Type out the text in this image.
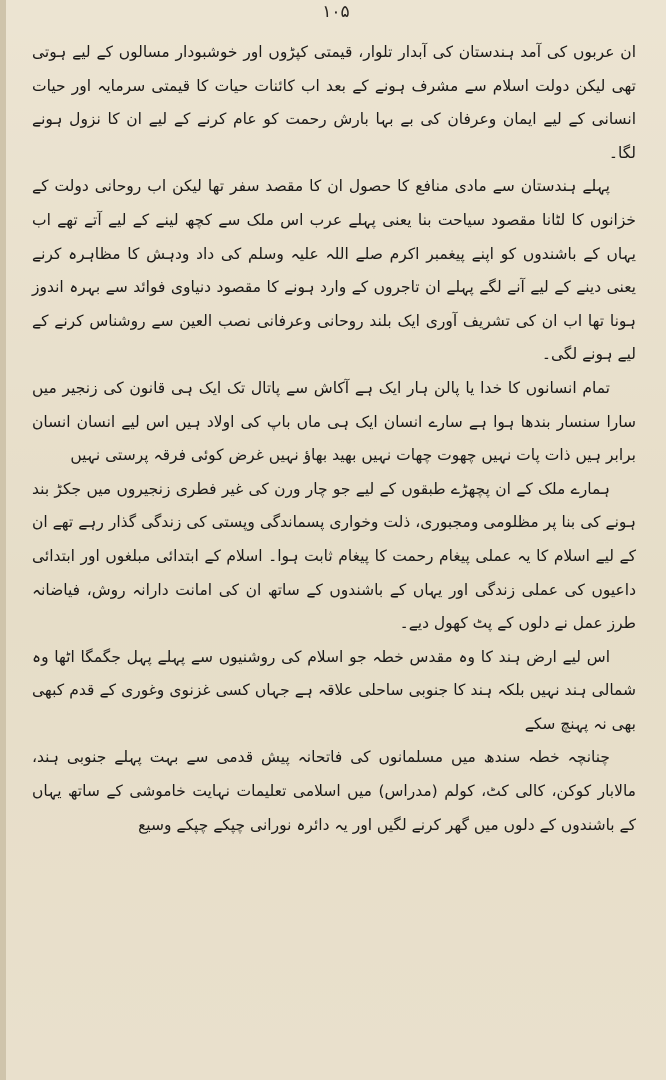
۱۰۵

ان عربوں کی آمد ہندستان کی آبدار تلوار، قیمتی کپڑوں اور خوشبودار مسالوں کے لیے ہوتی تھی لیکن دولت اسلام سے مشرف ہونے کے بعد اب کائنات حیات کا قیمتی سرمایہ اور حیات انسانی کے لیے ایمان وعرفان کی بے بہا بارش رحمت کو عام کرنے کے لیے ان کا نزول ہونے لگا۔

پہلے ہندستان سے مادی منافع کا حصول ان کا مقصد سفر تھا لیکن اب روحانی دولت کے خزانوں کا لٹانا مقصود سیاحت بنا یعنی پہلے عرب اس ملک سے کچھ لینے کے لیے آتے تھے اب یہاں کے باشندوں کو اپنے پیغمبر اکرم صلے اللہ علیہ وسلم کی داد ودہش کا مظاہرہ کرنے یعنی دینے کے لیے آنے لگے پہلے ان تاجروں کے وارد ہونے کا مقصود دنیاوی فوائد سے بہرہ اندوز ہونا تھا اب ان کی تشریف آوری ایک بلند روحانی وعرفانی نصب العین سے روشناس کرنے کے لیے ہونے لگی۔

تمام انسانوں کا خدا یا پالن ہار ایک ہے آکاش سے پاتال تک ایک ہی قانون کی زنجیر میں سارا سنسار بندھا ہوا ہے سارے انسان ایک ہی ماں باپ کی اولاد ہیں اس لیے انسان انسان برابر ہیں ذات پات نہیں چھوت چھات نہیں بھید بھاؤ نہیں غرض کوئی فرقہ پرستی نہیں

ہمارے ملک کے ان پچھڑے طبقوں کے لیے جو چار ورن کی غیر فطری زنجیروں میں جکڑ بند ہونے کی بنا پر مظلومی ومجبوری، ذلت وخواری پسماندگی وپستی کی زندگی گذار رہے تھے ان کے لیے اسلام کا یہ عملی پیغام رحمت کا پیغام ثابت ہوا۔ اسلام کے ابتدائی مبلغوں اور ابتدائی داعیوں کی عملی زندگی اور یہاں کے باشندوں کے ساتھ ان کی امانت دارانہ روش، فیاضانہ طرز عمل نے دلوں کے پٹ کھول دیے۔

اس لیے ارض ہند کا وہ مقدس خطہ جو اسلام کی روشنیوں سے پہلے پہل جگمگا اٹھا وہ شمالی ہند نہیں بلکہ ہند کا جنوبی ساحلی علاقہ ہے جہاں کسی غزنوی وغوری کے قدم کبھی بھی نہ پہنچ سکے

چنانچہ خطہ سندھ میں مسلمانوں کی فاتحانہ پیش قدمی سے بہت پہلے جنوبی ہند، مالابار کوکن، کالی کٹ، کولم (مدراس) میں اسلامی تعلیمات نہایت خاموشی کے ساتھ یہاں کے باشندوں کے دلوں میں گھر کرنے لگیں اور یہ دائرہ نورانی چپکے چپکے وسیع
